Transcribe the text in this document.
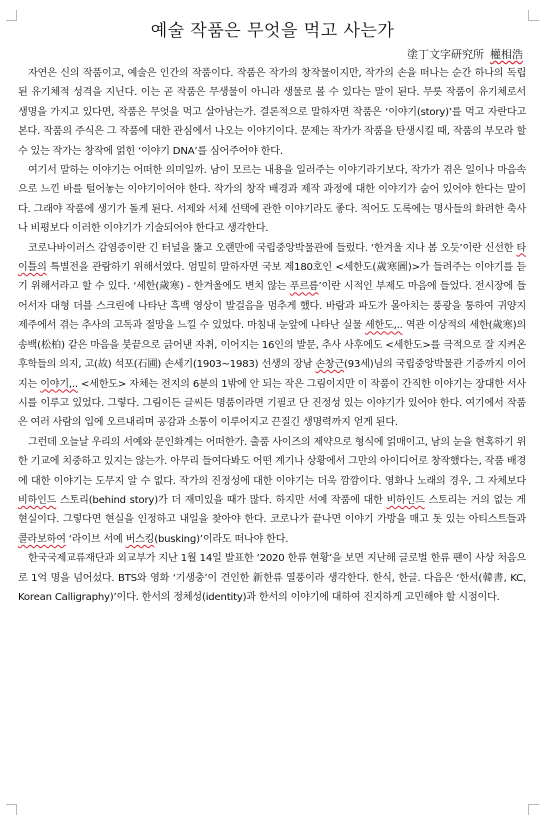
예술 작품은 무엇을 먹고 사는가
塗丁文字研究所 權相浩

자연은 신의 작품이고, 예술은 인간의 작품이다. 작품은 작가의 창작물이지만, 작가의 손을 떠나는 순간 하나의 독립된 유기체적 성격을 지닌다. 이는 곧 작품은 무생물이 아니라 생물로 볼 수 있다는 말이 된다. 무릇 작품이 유기체로서 생명을 가지고 있다면, 작품은 무엇을 먹고 살아남는가. 결론적으로 말하자면 작품은 ‘이야기(story)’를 먹고 자란다고 본다. 작품의 주식은 그 작품에 대한 관심에서 나오는 이야기이다. 문제는 작가가 작품을 탄생시킬 때, 작품의 부모라 할 수 있는 작가는 창작에 얽힌 ‘이야기 DNA’를 심어주어야 한다.

여기서 말하는 이야기는 어떠한 의미일까. 남이 모르는 내용을 일러주는 이야기라기보다, 작가가 겪은 일이나 마음속으로 느낀 바를 털어놓는 이야기이어야 한다. 작가의 창작 배경과 제작 과정에 대한 이야기가 숨어 있어야 한다는 말이다. 그래야 작품에 생기가 돌게 된다. 서제와 서체 선택에 관한 이야기라도 좋다. 적어도 도록에는 명사들의 화려한 축사나 비평보다 이러한 이야기가 기술되어야 한다고 생각한다.

코로나바이러스 감염증이란 긴 터널을 뚫고 오랜만에 국립중앙박물관에 들렀다. ‘한겨울 지나 봄 오듯’이란 신선한 타이틀의 특별전을 관람하기 위해서였다. 엄밀히 말하자면 국보 제180호인 <세한도(歲寒圖)>가 들려주는 이야기를 듣기 위해서라고 할 수 있다. ‘세한(歲寒) - 한겨울에도 변치 않는 푸르름’이란 시적인 부제도 마음에 들었다. 전시장에 들어서자 대형 더블 스크린에 나타난 흑백 영상이 발걸음을 멈추게 했다. 바람과 파도가 몰아치는 풍광을 통하여 귀양지 제주에서 겪는 추사의 고독과 절망을 느낄 수 있었다. 마침내 눈앞에 나타난 실물 세한도,.. 역관 이상적의 세한(歲寒)의 송백(松柏) 같은 마음을 붓끝으로 긁어낸 자취, 이어지는 16인의 발문, 추사 사후에도 <세한도>를 극적으로 잘 지켜온 후학들의 의지, 고(故) 석포(石圃) 손세기(1903~1983) 선생의 장남 손창근(93세)님의 국립중앙박물관 기증까지 이어지는 이야기,.. <세한도> 자체는 전지의 6분의 1밖에 안 되는 작은 그림이지만 이 작품이 간직한 이야기는 장대한 서사시를 이루고 있었다. 그렇다. 그림이든 글씨든 명품이라면 기필코 단 진정성 있는 이야기가 있어야 한다. 여기에서 작품은 여러 사람의 입에 오르내리며 공감과 소통이 이루어지고 끈질긴 생명력까지 얻게 된다.

그런데 오늘날 우리의 서예와 문인화계는 어떠한가. 출품 사이즈의 제약으로 형식에 얽매이고, 남의 눈을 현혹하기 위한 기교에 치중하고 있지는 않는가. 아무리 들여다봐도 어떤 계기나 상황에서 그만의 아이디어로 창작했다는, 작품 배경에 대한 이야기는 도무지 알 수 없다. 작가의 진정성에 대한 이야기는 더욱 깜깜이다. 영화나 노래의 경우, 그 자체보다 비하인드 스토리(behind story)가 더 재미있을 때가 많다. 하지만 서예 작품에 대한 비하인드 스토리는 거의 없는 게 현실이다. 그렇다면 현실을 인정하고 내일을 찾아야 한다. 코로나가 끝나면 이야기 가방을 매고 돗 있는 아티스트들과 콜라보하여 ‘라이브 서예 버스킹(busking)’이라도 떠나야 한다.

한국국제교류재단과 외교부가 지난 1월 14일 발표한 ‘2020 한류 현황’을 보면 지난해 글로벌 한류 팬이 사상 처음으로 1억 명을 넘어섰다. BTS와 영화 ‘기생충’이 견인한 新한류 열풍이라 생각한다. 한식, 한글. 다음은 ‘한서(韓書, KC, Korean Calligraphy)’이다. 한서의 정체성(identity)과 한서의 이야기에 대하여 진지하게 고민해야 할 시점이다.
